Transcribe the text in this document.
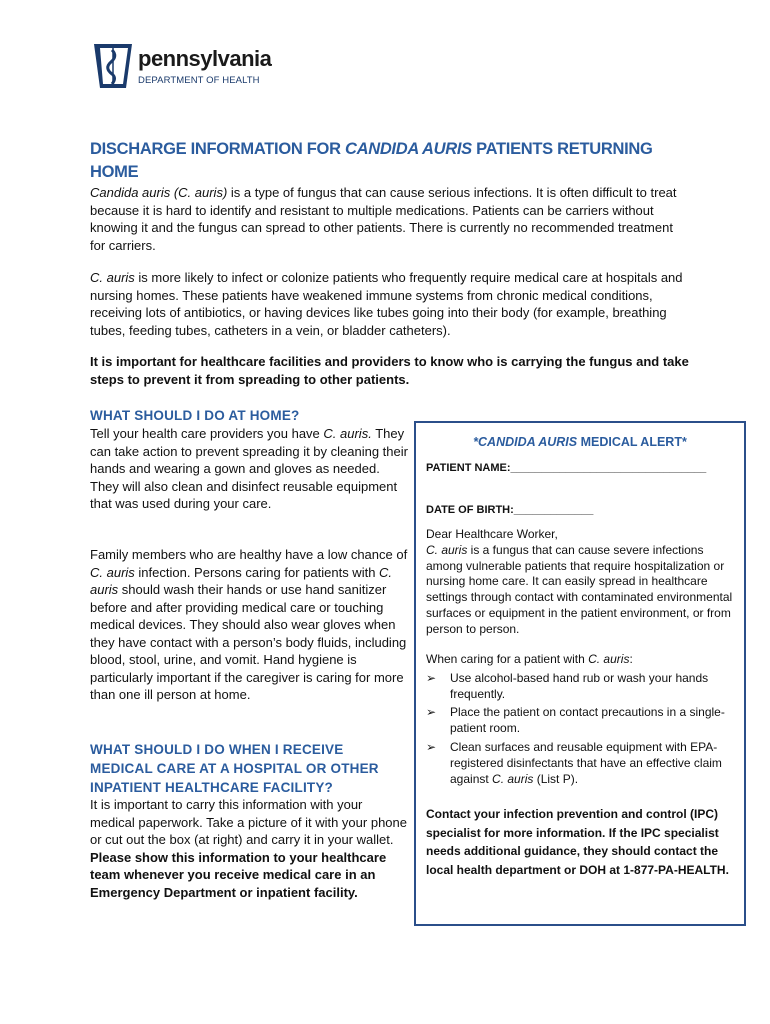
pennsylvania
DEPARTMENT OF HEALTH
DISCHARGE INFORMATION FOR CANDIDA AURIS PATIENTS RETURNING HOME
Candida auris (C. auris) is a type of fungus that can cause serious infections. It is often difficult to treat because it is hard to identify and resistant to multiple medications. Patients can be carriers without knowing it and the fungus can spread to other patients. There is currently no recommended treatment for carriers.
C. auris is more likely to infect or colonize patients who frequently require medical care at hospitals and nursing homes. These patients have weakened immune systems from chronic medical conditions, receiving lots of antibiotics, or having devices like tubes going into their body (for example, breathing tubes, feeding tubes, catheters in a vein, or bladder catheters).
It is important for healthcare facilities and providers to know who is carrying the fungus and take steps to prevent it from spreading to other patients.
WHAT SHOULD I DO AT HOME?
Tell your health care providers you have C. auris. They can take action to prevent spreading it by cleaning their hands and wearing a gown and gloves as needed. They will also clean and disinfect reusable equipment that was used during your care.
Family members who are healthy have a low chance of C. auris infection. Persons caring for patients with C. auris should wash their hands or use hand sanitizer before and after providing medical care or touching medical devices. They should also wear gloves when they have contact with a person’s body fluids, including blood, stool, urine, and vomit. Hand hygiene is particularly important if the caregiver is caring for more than one ill person at home.
WHAT SHOULD I DO WHEN I RECEIVE MEDICAL CARE AT A HOSPITAL OR OTHER INPATIENT HEALTHCARE FACILITY?
It is important to carry this information with your medical paperwork. Take a picture of it with your phone or cut out the box (at right) and carry it in your wallet. Please show this information to your healthcare team whenever you receive medical care in an Emergency Department or inpatient facility.
*CANDIDA AURIS MEDICAL ALERT*
PATIENT NAME:________________________________
DATE OF BIRTH:_____________
Dear Healthcare Worker,
C. auris is a fungus that can cause severe infections among vulnerable patients that require hospitalization or nursing home care. It can easily spread in healthcare settings through contact with contaminated environmental surfaces or equipment in the patient environment, or from person to person.
When caring for a patient with C. auris:
➢ Use alcohol-based hand rub or wash your hands frequently.
➢ Place the patient on contact precautions in a single-patient room.
➢ Clean surfaces and reusable equipment with EPA-registered disinfectants that have an effective claim against C. auris (List P).
Contact your infection prevention and control (IPC) specialist for more information. If the IPC specialist needs additional guidance, they should contact the local health department or DOH at 1-877-PA-HEALTH.
